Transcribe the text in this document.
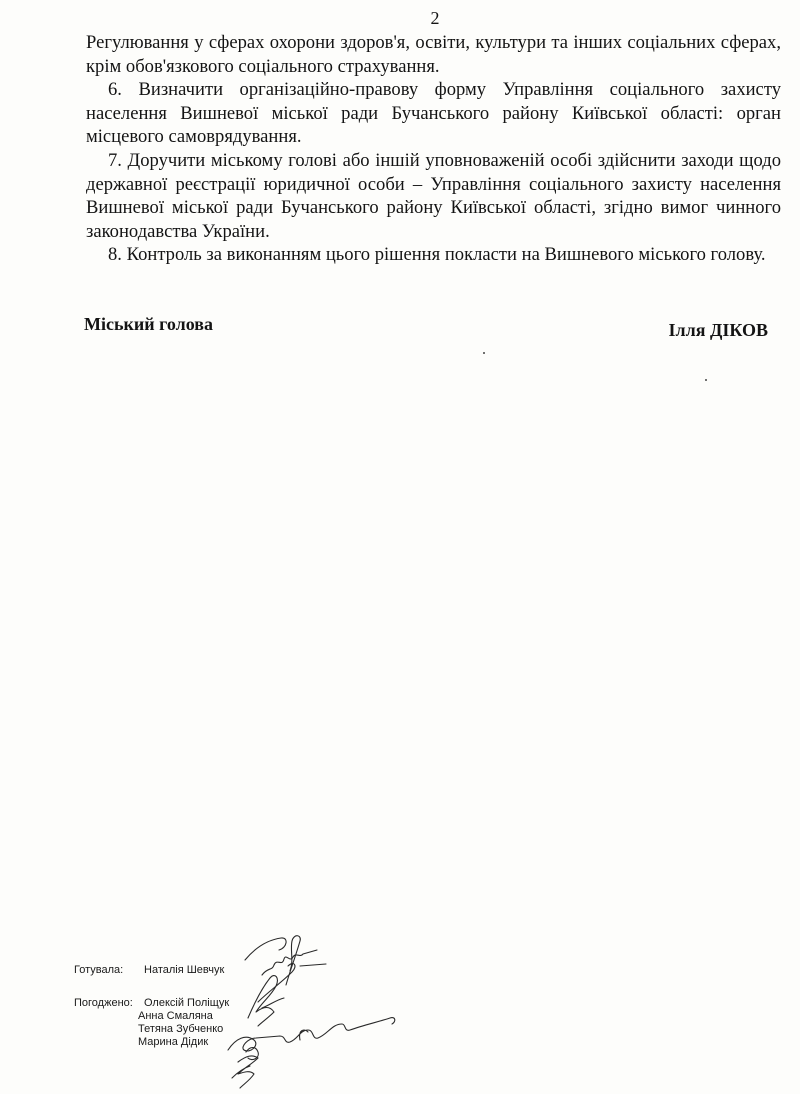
2

Регулювання у сферах охорони здоров'я, освіти, культури та інших соціальних сферах, крім обов'язкового соціального страхування.

6. Визначити організаційно-правову форму Управління соціального захисту населення Вишневої міської ради Бучанського району Київської області: орган місцевого самоврядування.

7. Доручити міському голові або іншій уповноваженій особі здійснити заходи щодо державної реєстрації юридичної особи – Управління соціального захисту населення Вишневої міської ради Бучанського району Київської області, згідно вимог чинного законодавства України.

8. Контроль за виконанням цього рішення покласти на Вишневого міського голову.

Міський голова	Ілля ДІКОВ
Готувала: Наталія Шевчук
Погоджено: Олексій Поліщук
Анна Смаляна
Тетяна Зубченко
Марина Дідик
